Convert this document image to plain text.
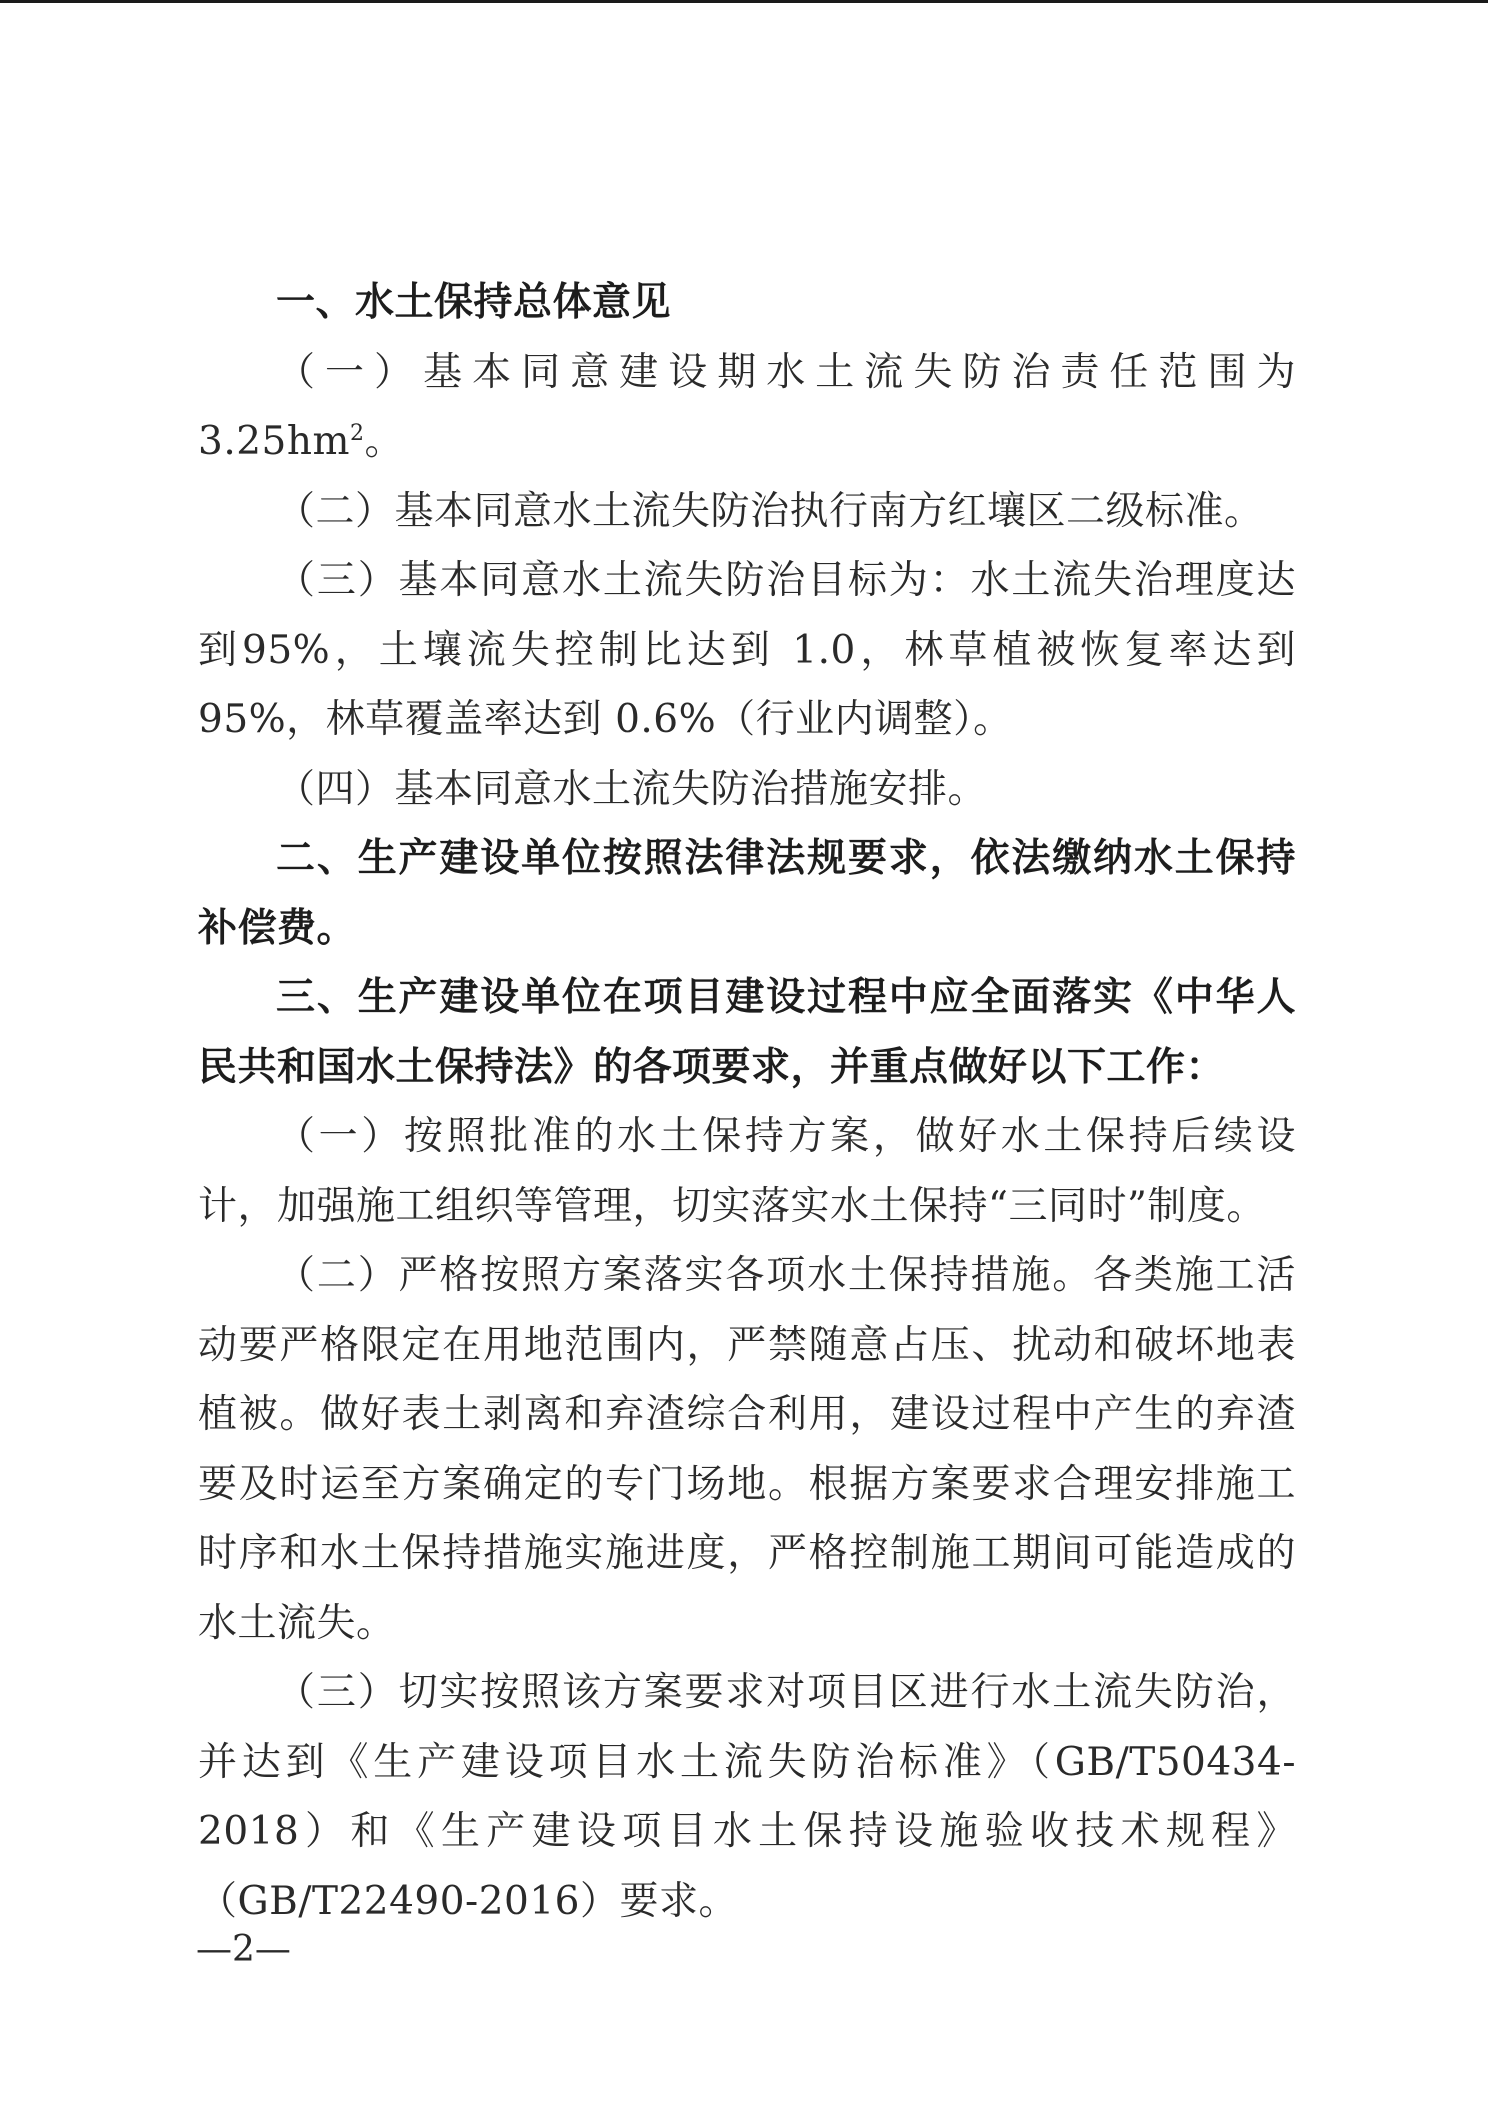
一、水土保持总体意见

（一）基本同意建设期水土流失防治责任范围为 $3.25hm^2$。

（二）基本同意水土流失防治执行南方红壤区二级标准。

（三）基本同意水土流失防治目标为：水土流失治理度达到95%，土壤流失控制比达到 1.0，林草植被恢复率达到 95%，林草覆盖率达到 0.6%（行业内调整）。

（四）基本同意水土流失防治措施安排。

二、生产建设单位按照法律法规要求，依法缴纳水土保持补偿费。

三、生产建设单位在项目建设过程中应全面落实《中华人民共和国水土保持法》的各项要求，并重点做好以下工作：

（一）按照批准的水土保持方案，做好水土保持后续设计，加强施工组织等管理，切实落实水土保持“三同时”制度。

（二）严格按照方案落实各项水土保持措施。各类施工活动要严格限定在用地范围内，严禁随意占压、扰动和破坏地表植被。做好表土剥离和弃渣综合利用，建设过程中产生的弃渣要及时运至方案确定的专门场地。根据方案要求合理安排施工时序和水土保持措施实施进度，严格控制施工期间可能造成的水土流失。

（三）切实按照该方案要求对项目区进行水土流失防治，并达到《生产建设项目水土流失防治标准》（GB/T50434-2018）和《生产建设项目水土保持设施验收技术规程》（GB/T22490-2016）要求。

—2—
